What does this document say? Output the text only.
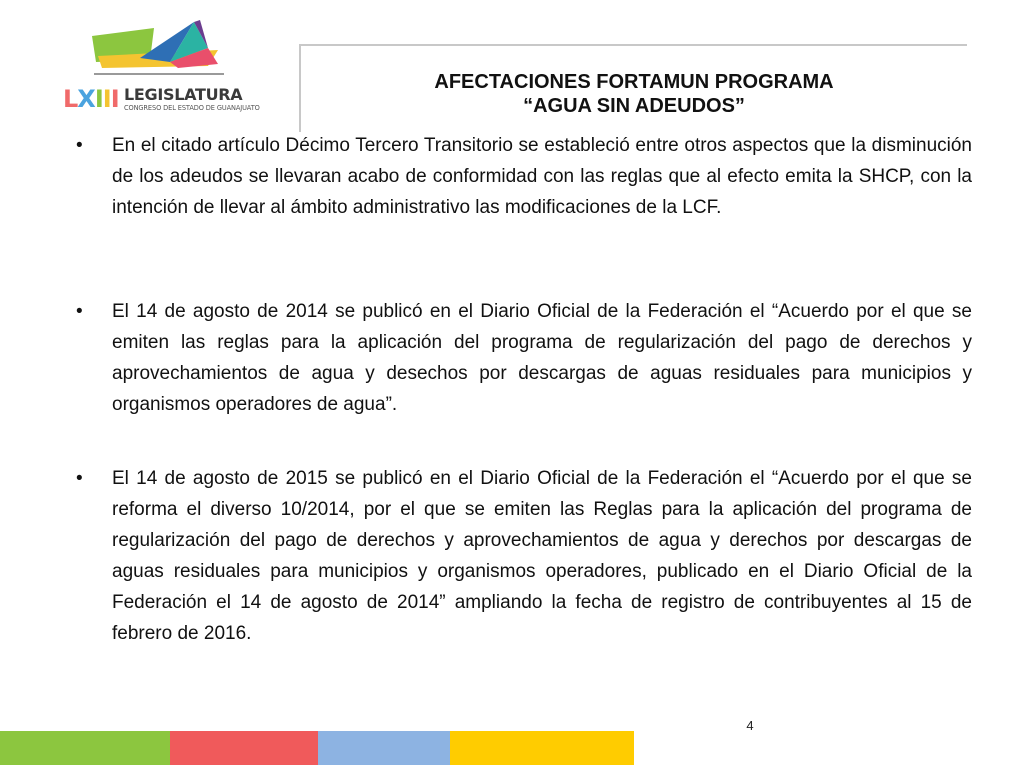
LXIII LEGISLATURA
CONGRESO DEL ESTADO DE GUANAJUATO
AFECTACIONES FORTAMUN PROGRAMA
“AGUA SIN ADEUDOS”
• En el citado artículo Décimo Tercero Transitorio se estableció entre otros aspectos que la disminución de los adeudos se llevaran acabo de conformidad con las reglas que al efecto emita la SHCP, con la intención de llevar al ámbito administrativo las modificaciones de la LCF.
• El 14 de agosto de 2014 se publicó en el Diario Oficial de la Federación el “Acuerdo por el que se emiten las reglas para la aplicación del programa de regularización del pago de derechos y aprovechamientos de agua y desechos por descargas de aguas residuales para municipios y organismos operadores de agua”.
• El 14 de agosto de 2015 se publicó en el Diario Oficial de la Federación el “Acuerdo por el que se reforma el diverso 10/2014, por el que se emiten las Reglas para la aplicación del programa de regularización del pago de derechos y aprovechamientos de agua y derechos por descargas de aguas residuales para municipios y organismos operadores, publicado en el Diario Oficial de la Federación el 14 de agosto de 2014” ampliando la fecha de registro de contribuyentes al 15 de febrero de 2016.
4
